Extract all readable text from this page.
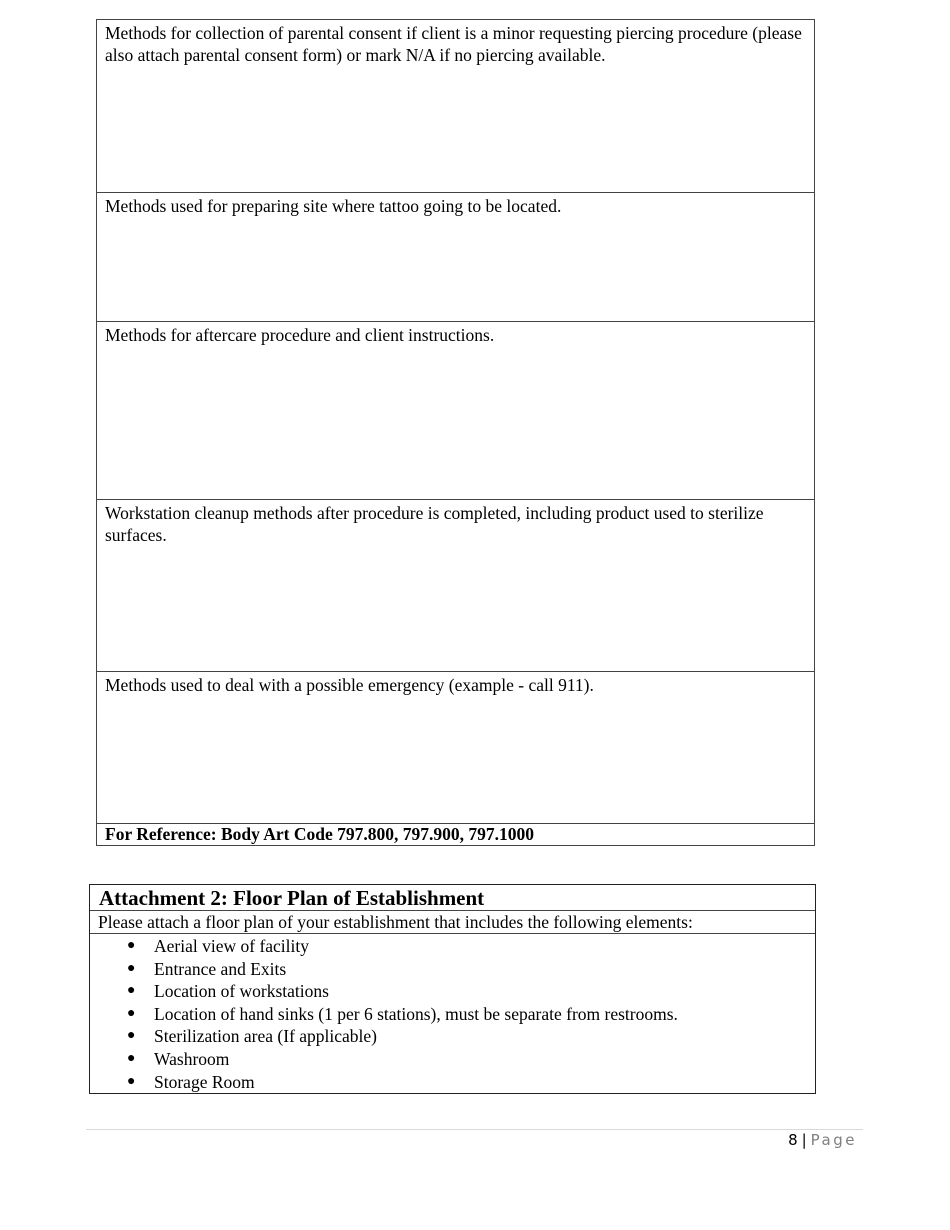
Methods for collection of parental consent if client is a minor requesting piercing procedure (please also attach parental consent form) or mark N/A if no piercing available.
Methods used for preparing site where tattoo going to be located.
Methods for aftercare procedure and client instructions.
Workstation cleanup methods after procedure is completed, including product used to sterilize surfaces.
Methods used to deal with a possible emergency (example - call 911).
For Reference: Body Art Code 797.800, 797.900, 797.1000
Attachment 2: Floor Plan of Establishment
Please attach a floor plan of your establishment that includes the following elements:
● Aerial view of facility
● Entrance and Exits
● Location of workstations
● Location of hand sinks (1 per 6 stations), must be separate from restrooms.
● Sterilization area (If applicable)
● Washroom
● Storage Room
8 | Page
